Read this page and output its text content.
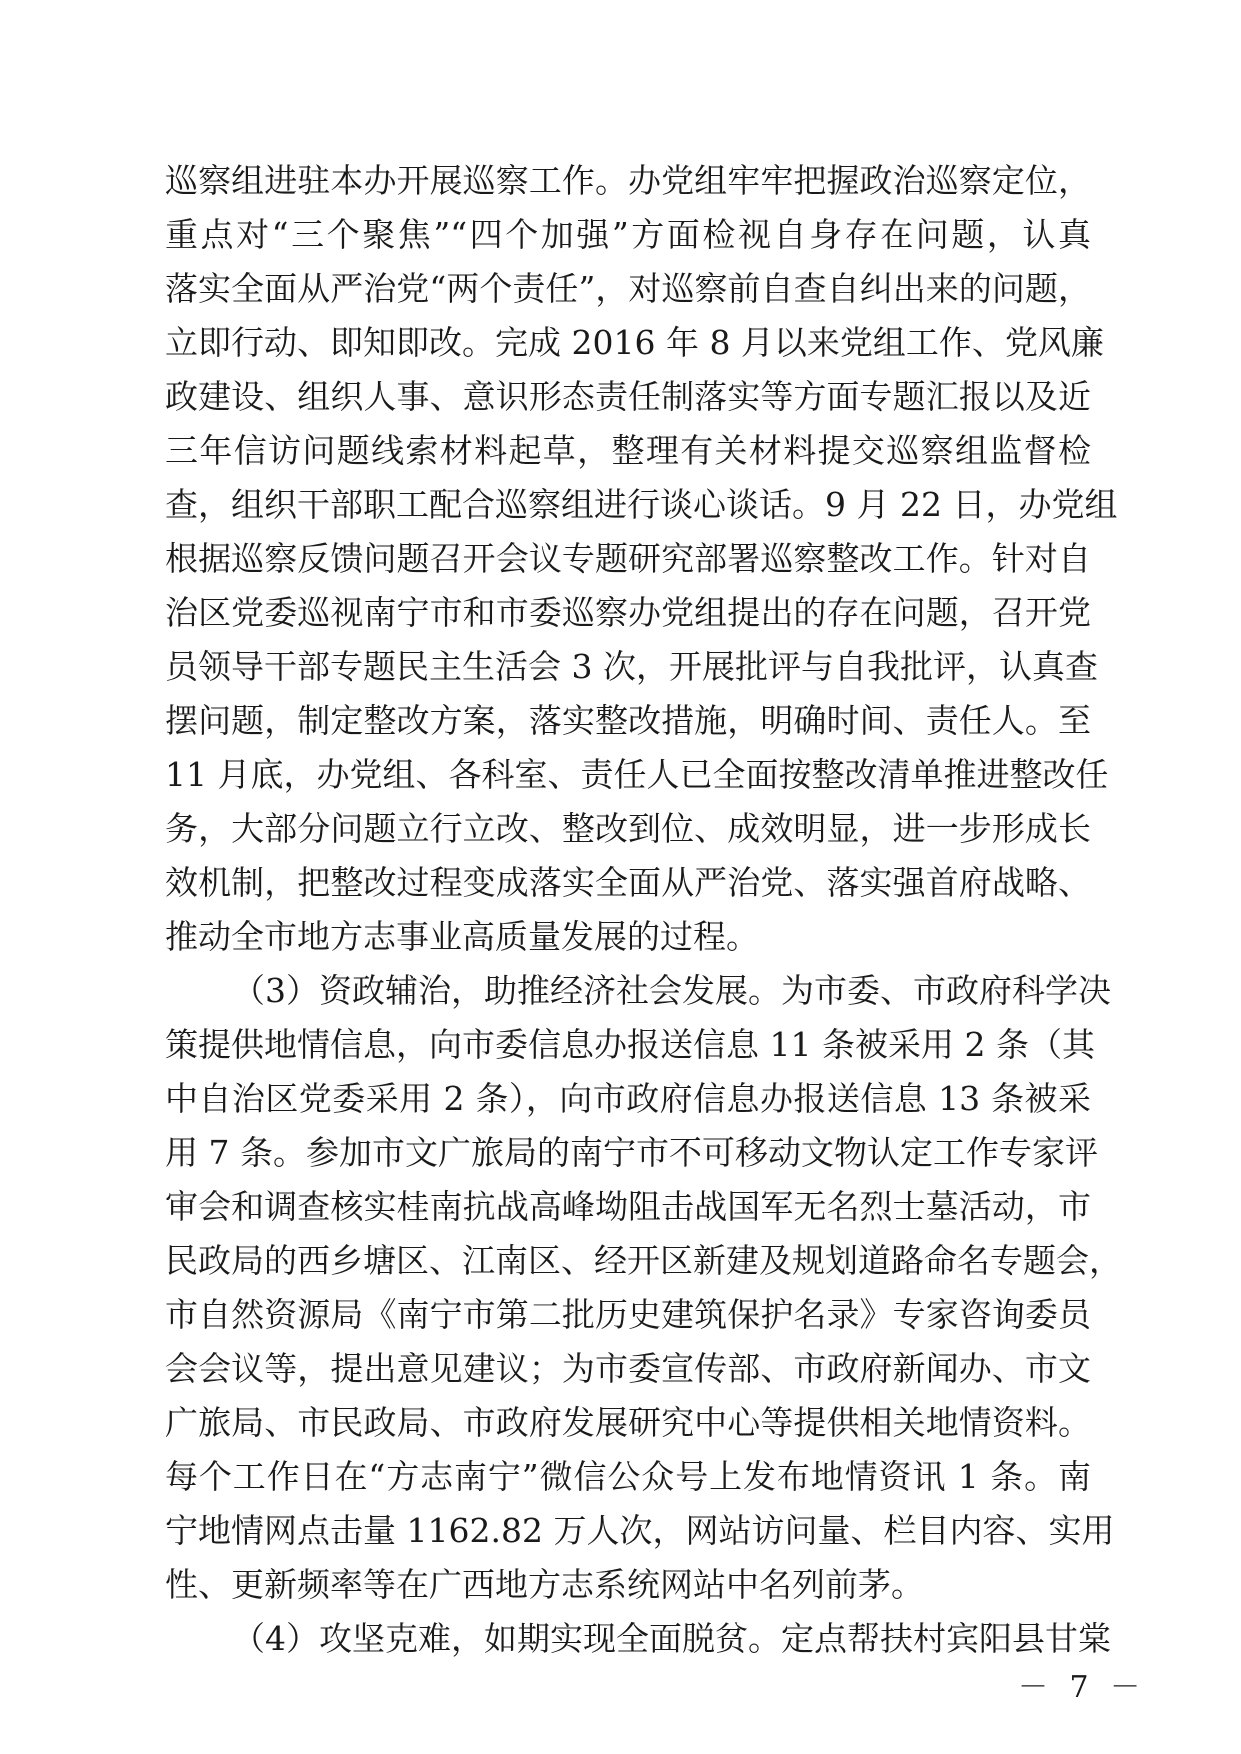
巡察组进驻本办开展巡察工作。办党组牢牢把握政治巡察定位，
重点对“三个聚焦”“四个加强”方面检视自身存在问题，认真
落实全面从严治党“两个责任”，对巡察前自查自纠出来的问题，
立即行动、即知即改。完成 2016 年 8 月以来党组工作、党风廉
政建设、组织人事、意识形态责任制落实等方面专题汇报以及近
三年信访问题线索材料起草，整理有关材料提交巡察组监督检
查，组织干部职工配合巡察组进行谈心谈话。9 月 22 日，办党组
根据巡察反馈问题召开会议专题研究部署巡察整改工作。针对自
治区党委巡视南宁市和市委巡察办党组提出的存在问题，召开党
员领导干部专题民主生活会 3 次，开展批评与自我批评，认真查
摆问题，制定整改方案，落实整改措施，明确时间、责任人。至
11 月底，办党组、各科室、责任人已全面按整改清单推进整改任
务，大部分问题立行立改、整改到位、成效明显，进一步形成长
效机制，把整改过程变成落实全面从严治党、落实强首府战略、
推动全市地方志事业高质量发展的过程。
（3）资政辅治，助推经济社会发展。为市委、市政府科学决
策提供地情信息，向市委信息办报送信息 11 条被采用 2 条（其
中自治区党委采用 2 条），向市政府信息办报送信息 13 条被采
用 7 条。参加市文广旅局的南宁市不可移动文物认定工作专家评
审会和调查核实桂南抗战高峰坳阻击战国军无名烈士墓活动，市
民政局的西乡塘区、江南区、经开区新建及规划道路命名专题会，
市自然资源局《南宁市第二批历史建筑保护名录》专家咨询委员
会会议等，提出意见建议；为市委宣传部、市政府新闻办、市文
广旅局、市民政局、市政府发展研究中心等提供相关地情资料。
每个工作日在“方志南宁”微信公众号上发布地情资讯 1 条。南
宁地情网点击量 1162.82 万人次，网站访问量、栏目内容、实用
性、更新频率等在广西地方志系统网站中名列前茅。
（4）攻坚克难，如期实现全面脱贫。定点帮扶村宾阳县甘棠
－ 7 －
